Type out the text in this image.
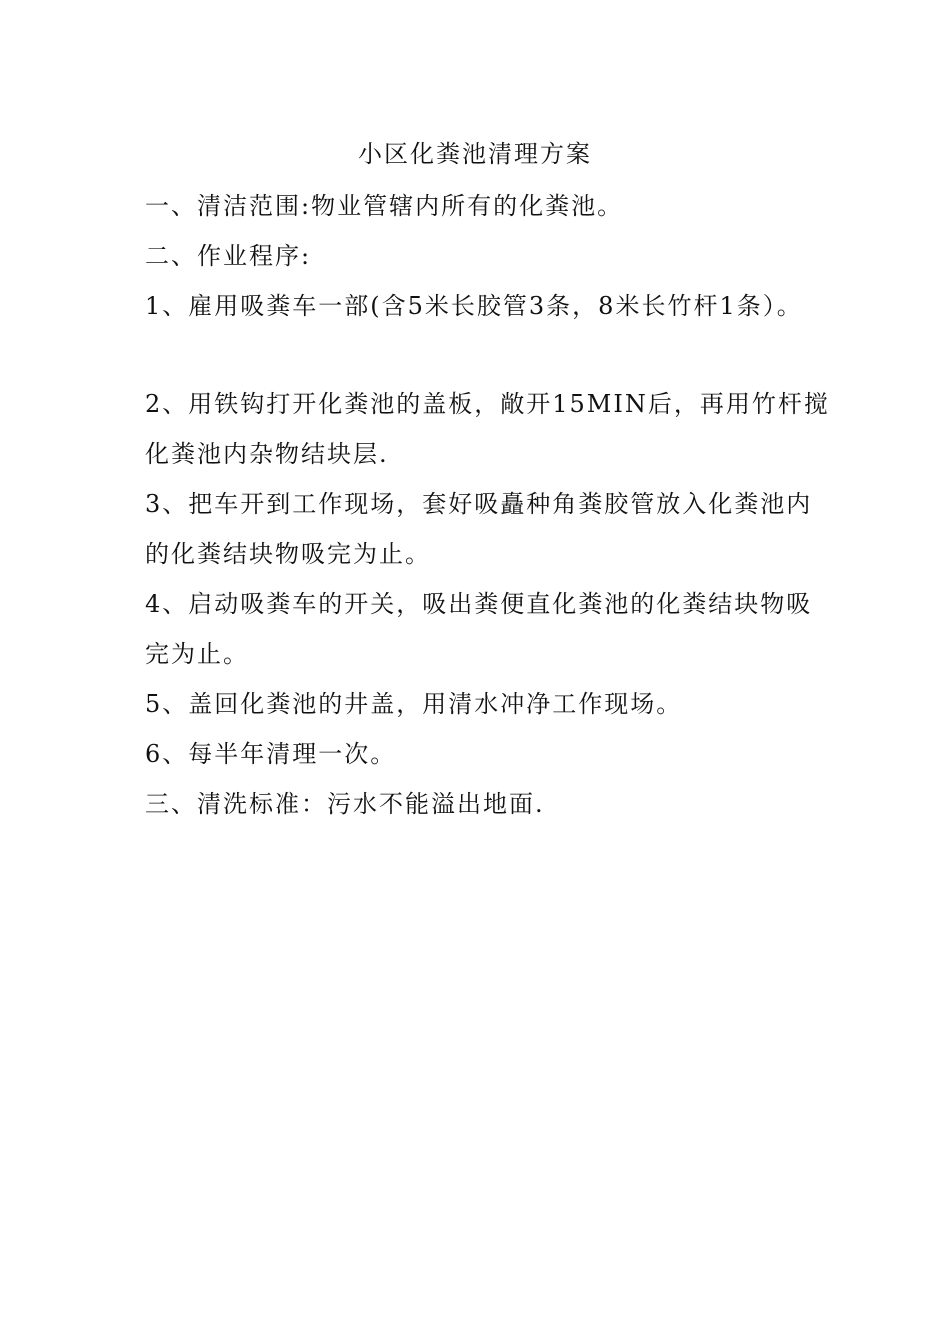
小区化粪池清理方案
一、清洁范围:物业管辖内所有的化粪池。
二、作业程序:
1、雇用吸粪车一部(含5米长胶管3条，8米长竹杆1条）。
2、用铁钩打开化粪池的盖板，敞开15MIN后，再用竹杆搅
化粪池内杂物结块层.
3、把车开到工作现场，套好吸矗种角粪胶管放入化粪池内
的化粪结块物吸完为止。
4、启动吸粪车的开关，吸出粪便直化粪池的化粪结块物吸
完为止。
5、盖回化粪池的井盖，用清水冲净工作现场。
6、每半年清理一次。
三、清洗标准：污水不能溢出地面.
